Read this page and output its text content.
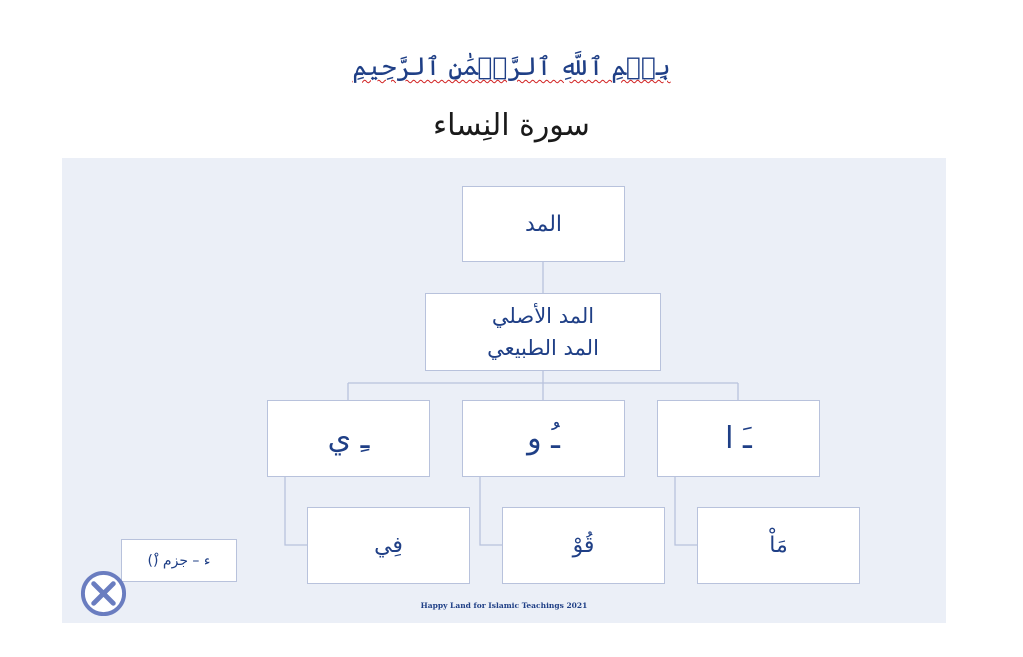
بِسۡمِ ٱللَّهِ ٱلرَّحۡمَٰنِ ٱلرَّحِيمِ
سورة النِساء
المد
المد الأصلي
المد الطبيعي
ـَ ا
ـُ و
ـِ ي
مَاْ
قُوْ
فِي
ء – جزم (ْ)
Happy Land for Islamic Teachings 2021
